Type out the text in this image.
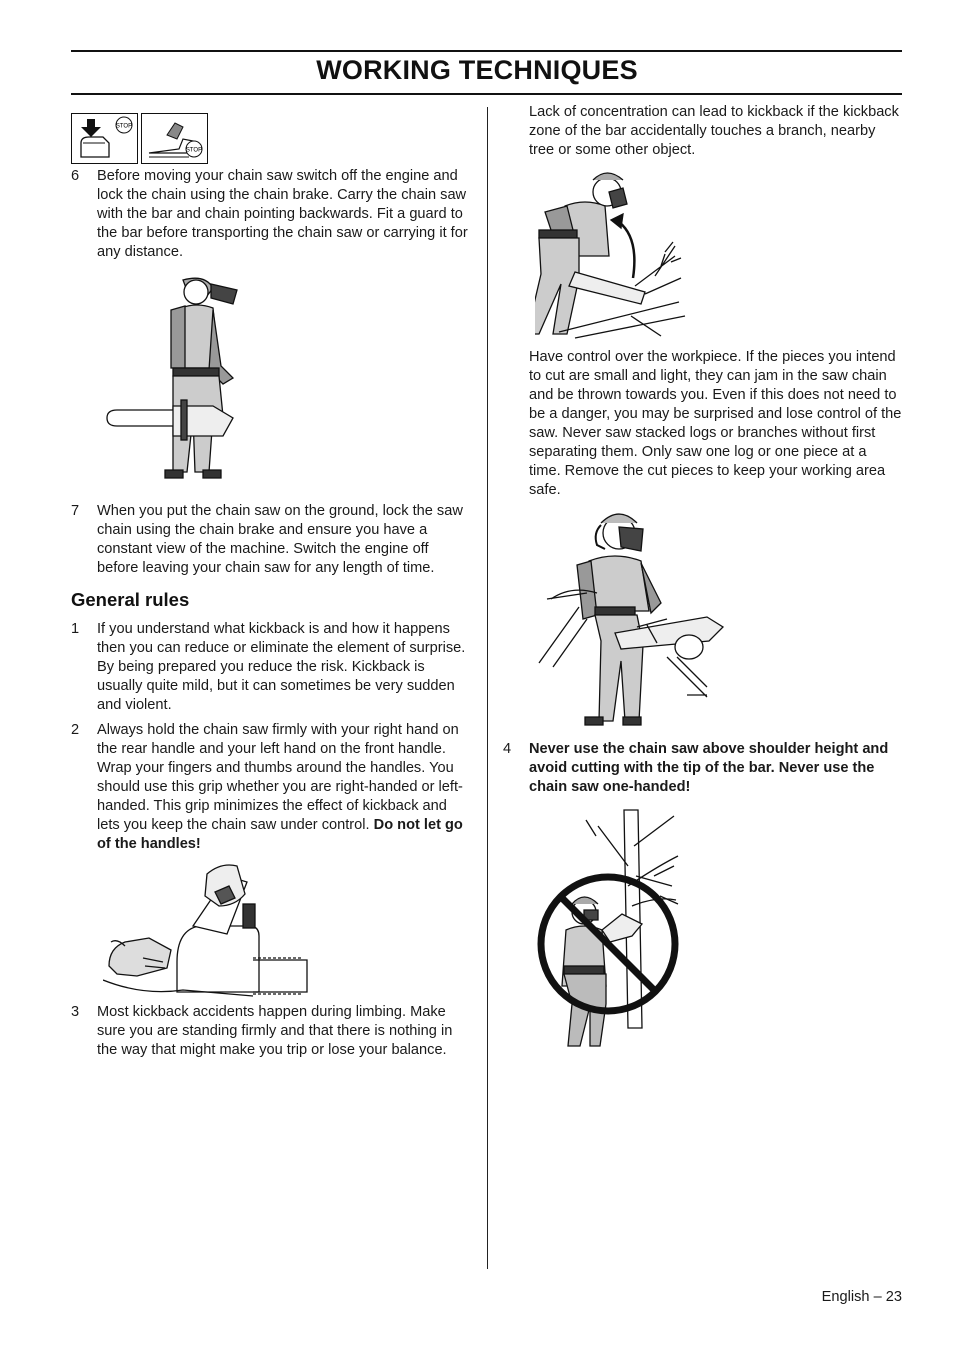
WORKING TECHNIQUES
STOP
STOP
6 Before moving your chain saw switch off the engine and lock the chain using the chain brake. Carry the chain saw with the bar and chain pointing backwards. Fit a guard to the bar before transporting the chain saw or carrying it for any distance.
7 When you put the chain saw on the ground, lock the saw chain using the chain brake and ensure you have a constant view of the machine. Switch the engine off before leaving your chain saw for any length of time.
General rules
1 If you understand what kickback is and how it happens then you can reduce or eliminate the element of surprise. By being prepared you reduce the risk. Kickback is usually quite mild, but it can sometimes be very sudden and violent.
2 Always hold the chain saw firmly with your right hand on the rear handle and your left hand on the front handle. Wrap your fingers and thumbs around the handles. You should use this grip whether you are right-handed or left-handed. This grip minimizes the effect of kickback and lets you keep the chain saw under control. Do not let go of the handles!
3 Most kickback accidents happen during limbing. Make sure you are standing firmly and that there is nothing in the way that might make you trip or lose your balance.
Lack of concentration can lead to kickback if the kickback zone of the bar accidentally touches a branch, nearby tree or some other object.
Have control over the workpiece. If the pieces you intend to cut are small and light, they can jam in the saw chain and be thrown towards you. Even if this does not need to be a danger, you may be surprised and lose control of the saw. Never saw stacked logs or branches without first separating them. Only saw one log or one piece at a time. Remove the cut pieces to keep your working area safe.
4 Never use the chain saw above shoulder height and avoid cutting with the tip of the bar. Never use the chain saw one-handed!
English – 23
